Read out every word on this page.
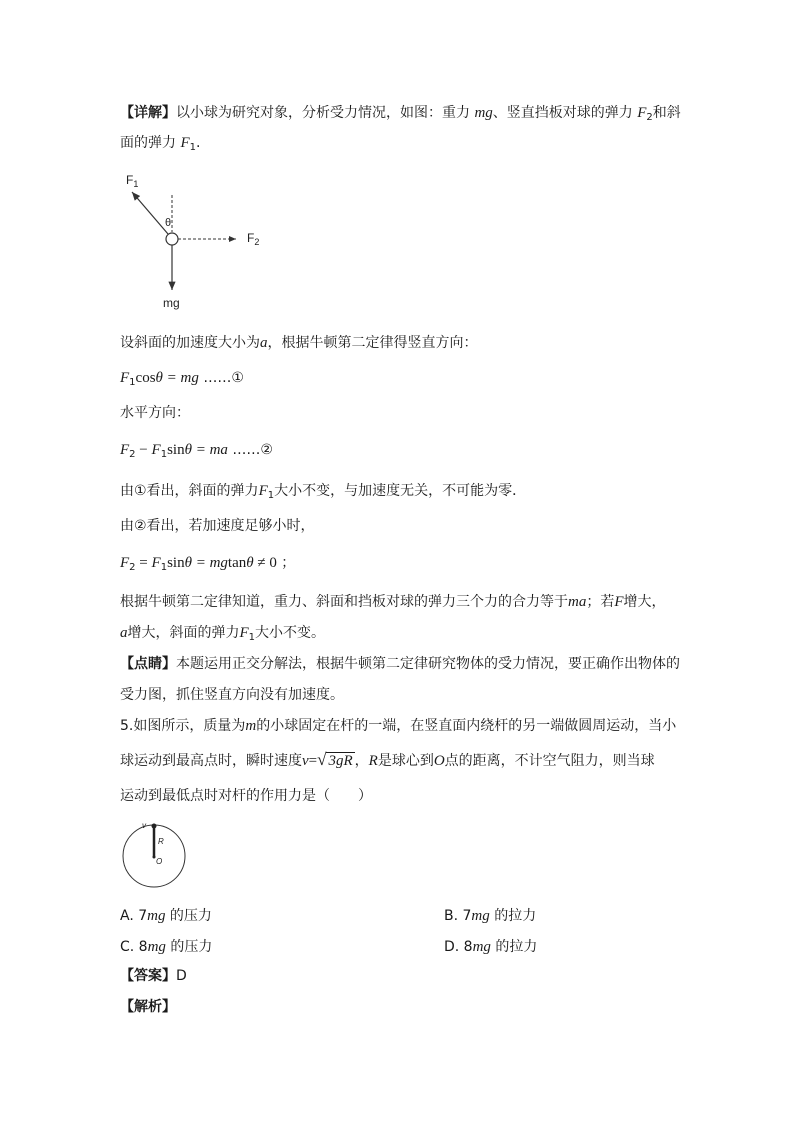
【详解】以小球为研究对象，分析受力情况，如图：重力 mg、竖直挡板对球的弹力 $F_2$和斜
面的弹力 $F_1$.
$F_1$
θ
$F_2$
mg
设斜面的加速度大小为a，根据牛顿第二定律得竖直方向：
$F_1\cos\theta$ = mg ……①
水平方向：
$F_2 - F_1\sin\theta$ = ma ……②
由①看出，斜面的弹力$F_1$大小不变，与加速度无关，不可能为零．
由②看出，若加速度足够小时，
$F_2 = F_1\sin\theta = mgtan\theta \ne 0$ ；
根据牛顿第二定律知道，重力、斜面和挡板对球的弹力三个力的合力等于ma；若F增大，
a增大，斜面的弹力$F_1$大小不变。
【点睛】本题运用正交分解法，根据牛顿第二定律研究物体的受力情况，要正确作出物体的
受力图，抓住竖直方向没有加速度。
5.如图所示，质量为m的小球固定在杆的一端，在竖直面内绕杆的另一端做圆周运动，当小
球运动到最高点时，瞬时速度v=√ 3gR ，R是球心到O点的距离，不计空气阻力，则当球
运动到最低点时对杆的作用力是（　　）
v
R
O
A. 7mg 的压力	B. 7mg 的拉力
C. 8mg 的压力	D. 8mg 的拉力
【答案】D
【解析】
